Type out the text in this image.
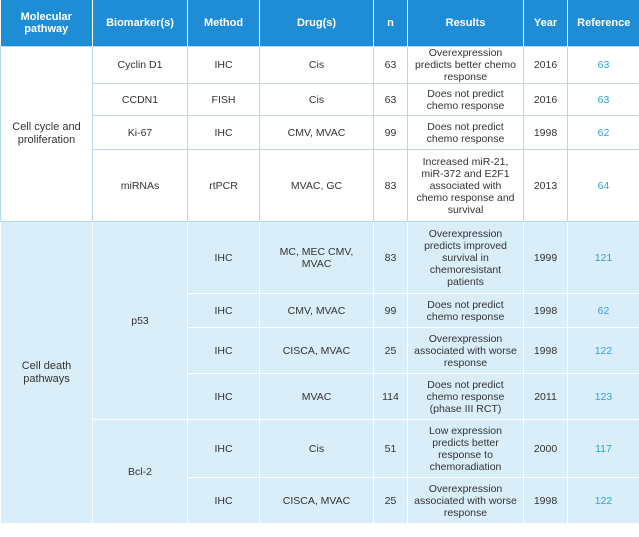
Molecular pathway	Biomarker(s)	Method	Drug(s)	n	Results	Year	Reference
Cell cycle and proliferation	Cyclin D1	IHC	Cis	63	Overexpression predicts better chemo response	2016	63
	CCDN1	FISH	Cis	63	Does not predict chemo response	2016	63
	Ki-67	IHC	CMV, MVAC	99	Does not predict chemo response	1998	62
	miRNAs	rtPCR	MVAC, GC	83	Increased miR-21, miR-372 and E2F1 associated with chemo response and survival	2013	64
Cell death pathways	p53	IHC	MC, MEC CMV, MVAC	83	Overexpression predicts improved survival in chemoresistant patients	1999	121
		IHC	CMV, MVAC	99	Does not predict chemo response	1998	62
		IHC	CISCA, MVAC	25	Overexpression associated with worse response	1998	122
		IHC	MVAC	114	Does not predict chemo response (phase III RCT)	2011	123
	Bcl-2	IHC	Cis	51	Low expression predicts better response to chemoradiation	2000	117
		IHC	CISCA, MVAC	25	Overexpression associated with worse response	1998	122
